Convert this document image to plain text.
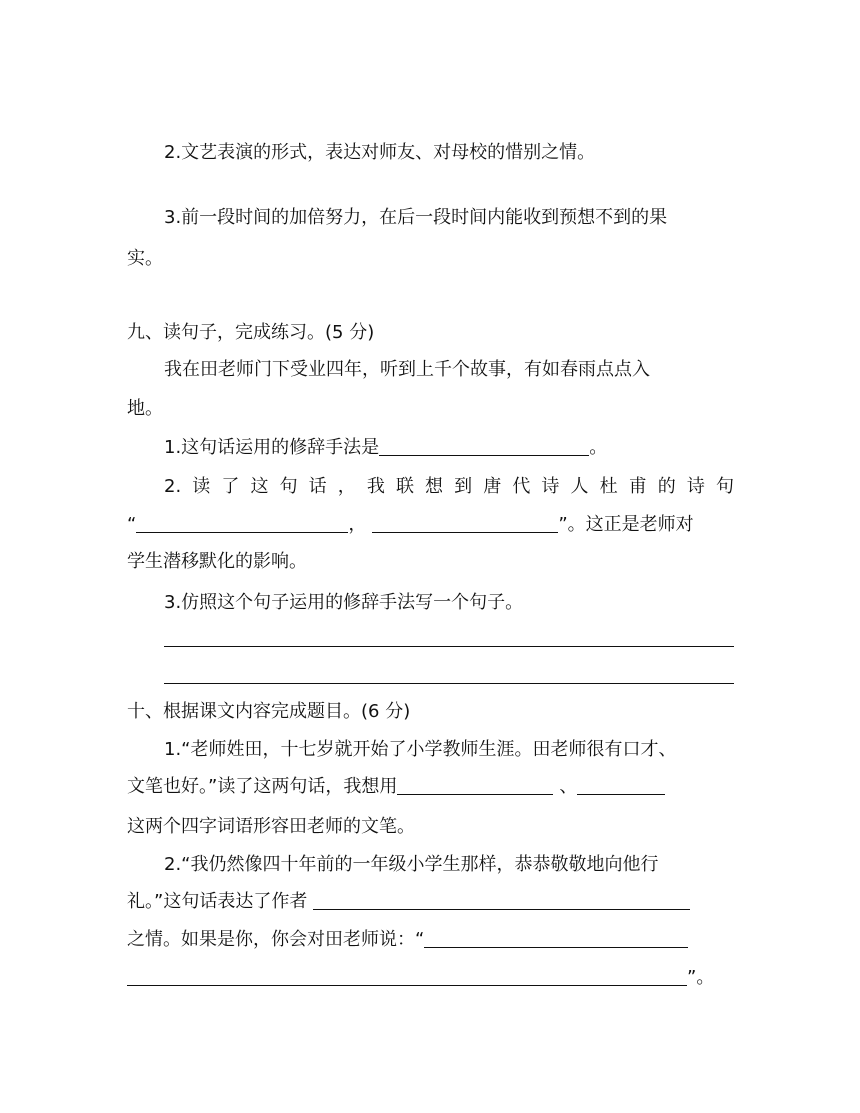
2.文艺表演的形式，表达对师友、对母校的惜别之情。
3.前一段时间的加倍努力，在后一段时间内能收到预想不到的果
实。
九、读句子，完成练习。(5 分)
我在田老师门下受业四年，听到上千个故事，有如春雨点点入
地。
1.这句话运用的修辞手法是	。
2. 读 了 这 句 话 ， 我 联 想 到 唐 代 诗 人 杜 甫 的 诗 句
“	，	”。这正是老师对
学生潜移默化的影响。
3.仿照这个句子运用的修辞手法写一个句子。
十、根据课文内容完成题目。(6 分)
1.“老师姓田，十七岁就开始了小学教师生涯。田老师很有口才、
文笔也好。”读了这两句话，我想用	、
这两个四字词语形容田老师的文笔。
2.“我仍然像四十年前的一年级小学生那样，恭恭敬敬地向他行
礼。”这句话表达了作者
之情。如果是你，你会对田老师说：“
”。
